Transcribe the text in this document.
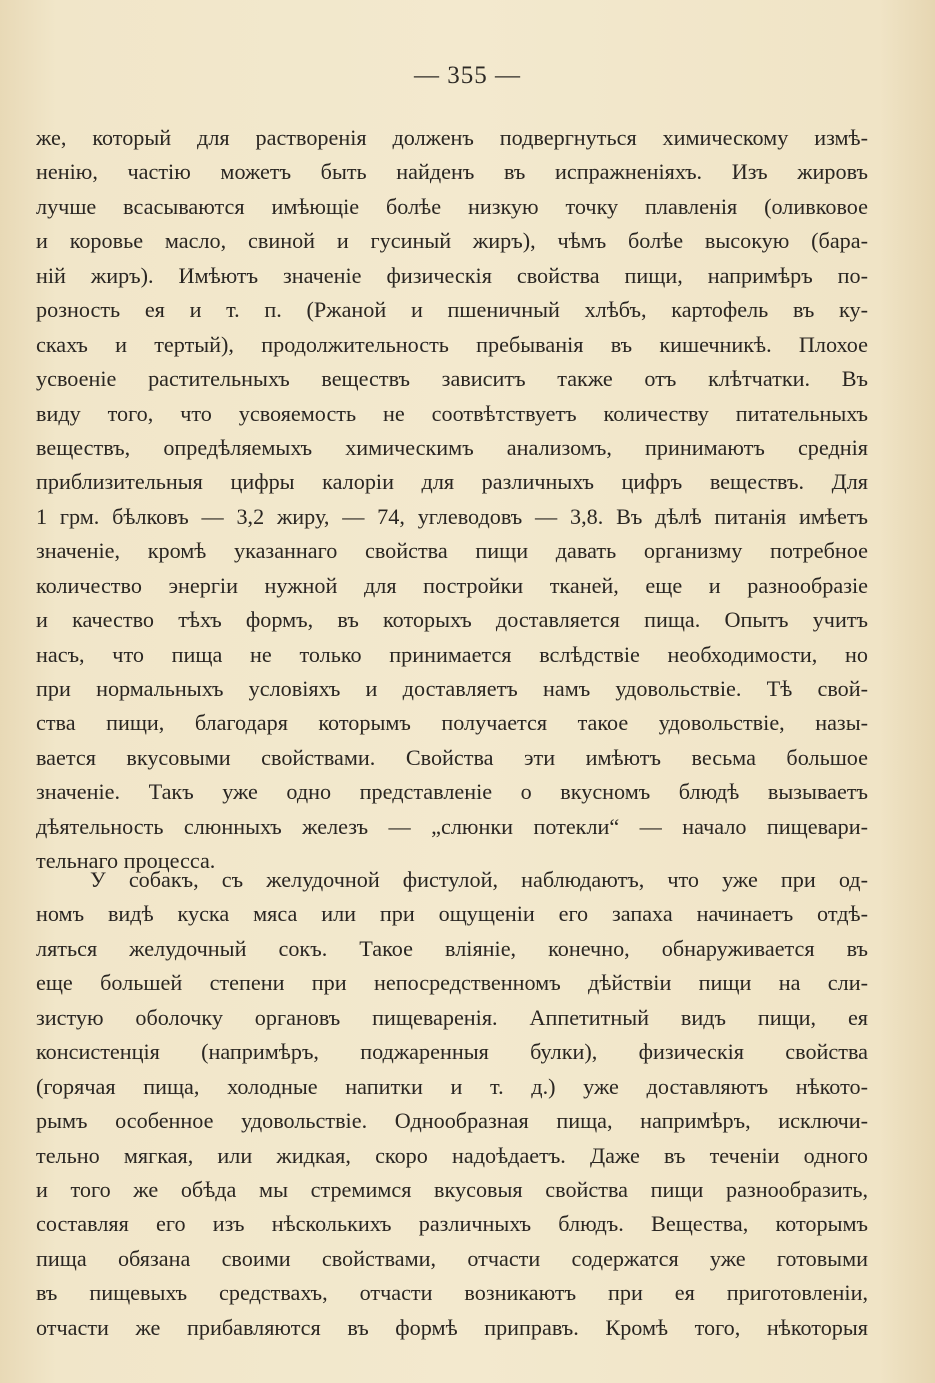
— 355 —
же, который для растворенія долженъ подвергнуться химическому измѣ-
ненію, частію можетъ быть найденъ въ испражненіяхъ. Изъ жировъ
лучше всасываются имѣющіе болѣе низкую точку плавленія (оливковое
и коровье масло, свиной и гусиный жиръ), чѣмъ болѣе высокую (бара-
ній жиръ). Имѣютъ значеніе физическія свойства пищи, напримѣръ по-
розность ея и т. п. (Ржаной и пшеничный хлѣбъ, картофель въ ку-
скахъ и тертый), продолжительность пребыванія въ кишечникѣ. Плохое
усвоеніе растительныхъ веществъ зависитъ также отъ клѣтчатки. Въ
виду того, что усвояемость не соотвѣтствуетъ количеству питательныхъ
веществъ, опредѣляемыхъ химическимъ анализомъ, принимаютъ среднія
приблизительныя цифры калоріи для различныхъ цифръ веществъ. Для
1 грм. бѣлковъ — 3,2 жиру, — 74, углеводовъ — 3,8. Въ дѣлѣ питанія имѣетъ
значеніе, кромѣ указаннаго свойства пищи давать организму потребное
количество энергіи нужной для постройки тканей, еще и разнообразіе
и качество тѣхъ формъ, въ которыхъ доставляется пища. Опытъ учитъ
насъ, что пища не только принимается вслѣдствіе необходимости, но
при нормальныхъ условіяхъ и доставляетъ намъ удовольствіе. Тѣ свой-
ства пищи, благодаря которымъ получается такое удовольствіе, назы-
вается вкусовыми свойствами. Свойства эти имѣютъ весьма большое
значеніе. Такъ уже одно представленіе о вкусномъ блюдѣ вызываетъ
дѣятельность слюнныхъ железъ — „слюнки потекли“ — начало пищевари-
тельнаго процесса.
У собакъ, съ желудочной фистулой, наблюдаютъ, что уже при од-
номъ видѣ куска мяса или при ощущеніи его запаха начинаетъ отдѣ-
ляться желудочный сокъ. Такое вліяніе, конечно, обнаруживается въ
еще большей степени при непосредственномъ дѣйствіи пищи на сли-
зистую оболочку органовъ пищеваренія. Аппетитный видъ пищи, ея
консистенція (напримѣръ, поджаренныя булки), физическія свойства
(горячая пища, холодные напитки и т. д.) уже доставляютъ нѣкото-
рымъ особенное удовольствіе. Однообразная пища, напримѣръ, исключи-
тельно мягкая, или жидкая, скоро надоѣдаетъ. Даже въ теченіи одного
и того же обѣда мы стремимся вкусовыя свойства пищи разнообразить,
составляя его изъ нѣсколькихъ различныхъ блюдъ. Вещества, которымъ
пища обязана своими свойствами, отчасти содержатся уже готовыми
въ пищевыхъ средствахъ, отчасти возникаютъ при ея приготовленіи,
отчасти же прибавляются въ формѣ приправъ. Кромѣ того, нѣкоторыя
